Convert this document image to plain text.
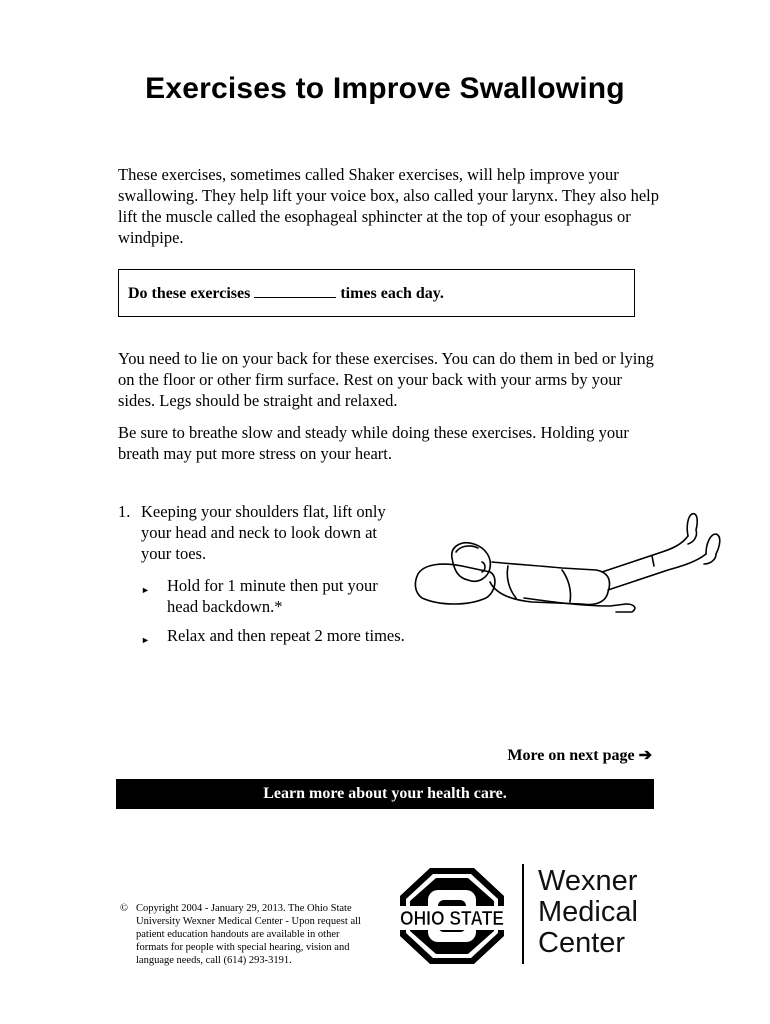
Exercises to Improve Swallowing
These exercises, sometimes called Shaker exercises, will help improve your swallowing. They help lift your voice box, also called your larynx. They also help lift the muscle called the esophageal sphincter at the top of your esophagus or windpipe.
Do these exercises	times each day.
You need to lie on your back for these exercises. You can do them in bed or lying on the floor or other firm surface. Rest on your back with your arms by your sides. Legs should be straight and relaxed.
Be sure to breathe slow and steady while doing these exercises. Holding your breath may put more stress on your heart.
1. Keeping your shoulders flat, lift only your head and neck to look down at your toes.
► Hold for 1 minute then put your head backdown.*
► Relax and then repeat 2 more times.
More on next page ➔
Learn more about your health care.
© Copyright 2004 - January 29, 2013. The Ohio State University Wexner Medical Center - Upon request all patient education handouts are available in other formats for people with special hearing, vision and language needs, call (614) 293-3191.
OHIO STATE
Wexner
Medical
Center
